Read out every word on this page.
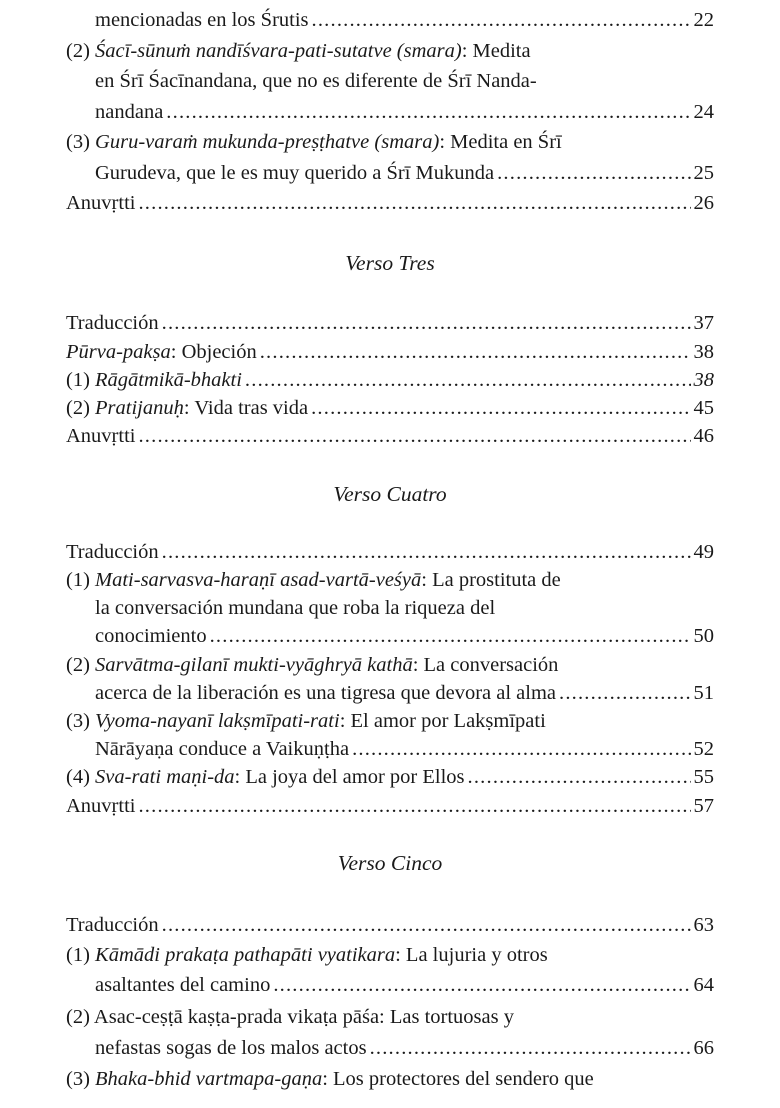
mencionadas en los Śrutis .....	22
(2) Śacī-sūnuṁ nandīśvara-pati-sutatve (smara): Medita
en Śrī Śacīnandana, que no es diferente de Śrī Nanda-
nandana .....	24
(3) Guru-varaṁ mukunda-preṣṭhatve (smara): Medita en Śrī
Gurudeva, que le es muy querido a Śrī Mukunda .....	25
Anuvṛtti .....	26
Verso Tres
Traducción .....	37
Pūrva-pakṣa: Objeción .....	38
(1) Rāgātmikā-bhakti .....	38
(2) Pratijanuḥ: Vida tras vida .....	45
Anuvṛtti .....	46
Verso Cuatro
Traducción .....	49
(1) Mati-sarvasva-haraṇī asad-vartā-veśyā: La prostituta de
la conversación mundana que roba la riqueza del
conocimiento .....	50
(2) Sarvātma-gilanī mukti-vyāghryā kathā: La conversación
acerca de la liberación es una tigresa que devora al alma .....	51
(3) Vyoma-nayanī lakṣmīpati-rati: El amor por Lakṣmīpati
Nārāyaṇa conduce a Vaikuṇṭha .....	52
(4) Sva-rati maṇi-da: La joya del amor por Ellos .....	55
Anuvṛtti .....	57
Verso Cinco
Traducción .....	63
(1) Kāmādi prakaṭa pathapāti vyatikara: La lujuria y otros
asaltantes del camino .....	64
(2) Asac-ceṣṭā kaṣṭa-prada vikaṭa pāśa: Las tortuosas y
nefastas sogas de los malos actos .....	66
(3) Bhaka-bhid vartmapa-gaṇa: Los protectores del sendero que
